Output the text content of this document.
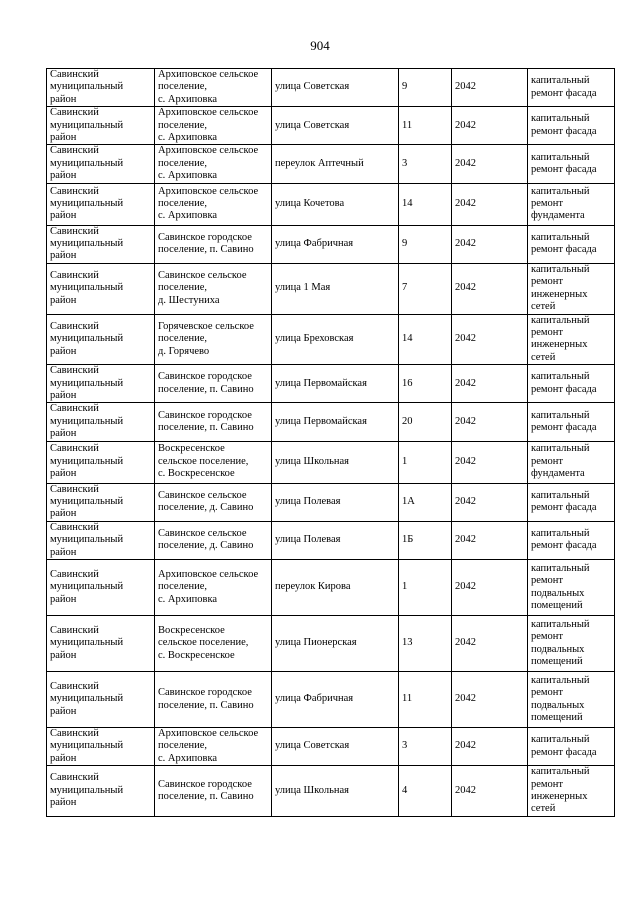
904
Савинский
муниципальный
район	Архиповское сельское
поселение,
с. Архиповка	улица Советская	9	2042	капитальный
ремонт фасада

Савинский
муниципальный
район	Архиповское сельское
поселение,
с. Архиповка	улица Советская	11	2042	капитальный
ремонт фасада

Савинский
муниципальный
район	Архиповское сельское
поселение,
с. Архиповка	переулок Аптечный	3	2042	капитальный
ремонт фасада

Савинский
муниципальный
район	Архиповское сельское
поселение,
с. Архиповка	улица Кочетова	14	2042	капитальный
ремонт
фундамента

Савинский
муниципальный
район	Савинское городское
поселение, п. Савино	улица Фабричная	9	2042	капитальный
ремонт фасада

Савинский
муниципальный
район	Савинское сельское
поселение,
д. Шестуниха	улица 1 Мая	7	2042	капитальный
ремонт
инженерных
сетей

Савинский
муниципальный
район	Горячевское сельское
поселение,
д. Горячево	улица Бреховская	14	2042	капитальный
ремонт
инженерных
сетей

Савинский
муниципальный
район	Савинское городское
поселение, п. Савино	улица Первомайская	16	2042	капитальный
ремонт фасада

Савинский
муниципальный
район	Савинское городское
поселение, п. Савино	улица Первомайская	20	2042	капитальный
ремонт фасада

Савинский
муниципальный
район	Воскресенское
сельское поселение,
с. Воскресенское	улица Школьная	1	2042	капитальный
ремонт
фундамента

Савинский
муниципальный
район	Савинское сельское
поселение, д. Савино	улица Полевая	1А	2042	капитальный
ремонт фасада

Савинский
муниципальный
район	Савинское сельское
поселение, д. Савино	улица Полевая	1Б	2042	капитальный
ремонт фасада

Савинский
муниципальный
район	Архиповское сельское
поселение,
с. Архиповка	переулок Кирова	1	2042	капитальный
ремонт
подвальных
помещений

Савинский
муниципальный
район	Воскресенское
сельское поселение,
с. Воскресенское	улица Пионерская	13	2042	капитальный
ремонт
подвальных
помещений

Савинский
муниципальный
район	Савинское городское
поселение, п. Савино	улица Фабричная	11	2042	капитальный
ремонт
подвальных
помещений

Савинский
муниципальный
район	Архиповское сельское
поселение,
с. Архиповка	улица Советская	3	2042	капитальный
ремонт фасада

Савинский
муниципальный
район	Савинское городское
поселение, п. Савино	улица Школьная	4	2042	капитальный
ремонт
инженерных
сетей
